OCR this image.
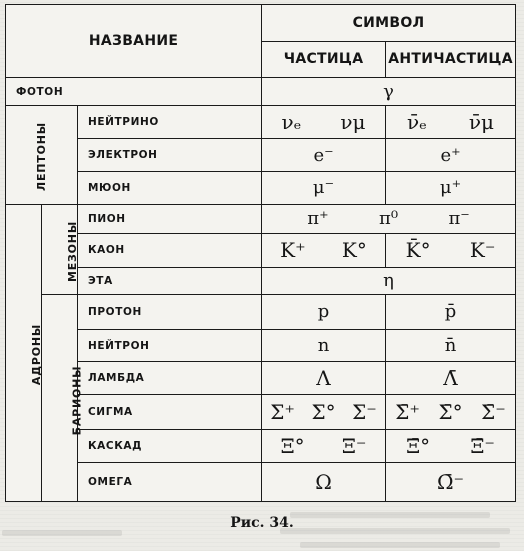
НАЗВАНИЕ			СИМВОЛ	
			ЧАСТИЦА	АНТИЧАСТИЦА
ФОТОН			γ	
ЛЕПТОНЫ		НЕЙТРИНО	νₑ νμ	ν̄ₑ ν̄μ

		ЭЛЕКТРОН	e⁻	e⁺
		МЮОН	μ⁻	μ⁺
АДРОНЫ	МЕЗОНЫ	ПИОН	π⁺ π⁰ π⁻	

		КАОН	K⁺ K°	K̄° K⁻

		ЭТА	η	
	БАРИОНЫ	ПРОТОН	p	p̄
		НЕЙТРОН	n	n̄
		ЛАМБДА	Λ	Λ̄
		СИГМА	Σ⁺ Σ° Σ⁻	Σ̄⁺ Σ̄° Σ̄⁻

		КАСКАД	Ξ° Ξ⁻	Ξ̄° Ξ̄⁻

		ОМЕГА	Ω	Ω̄⁻
Рис. 34.
